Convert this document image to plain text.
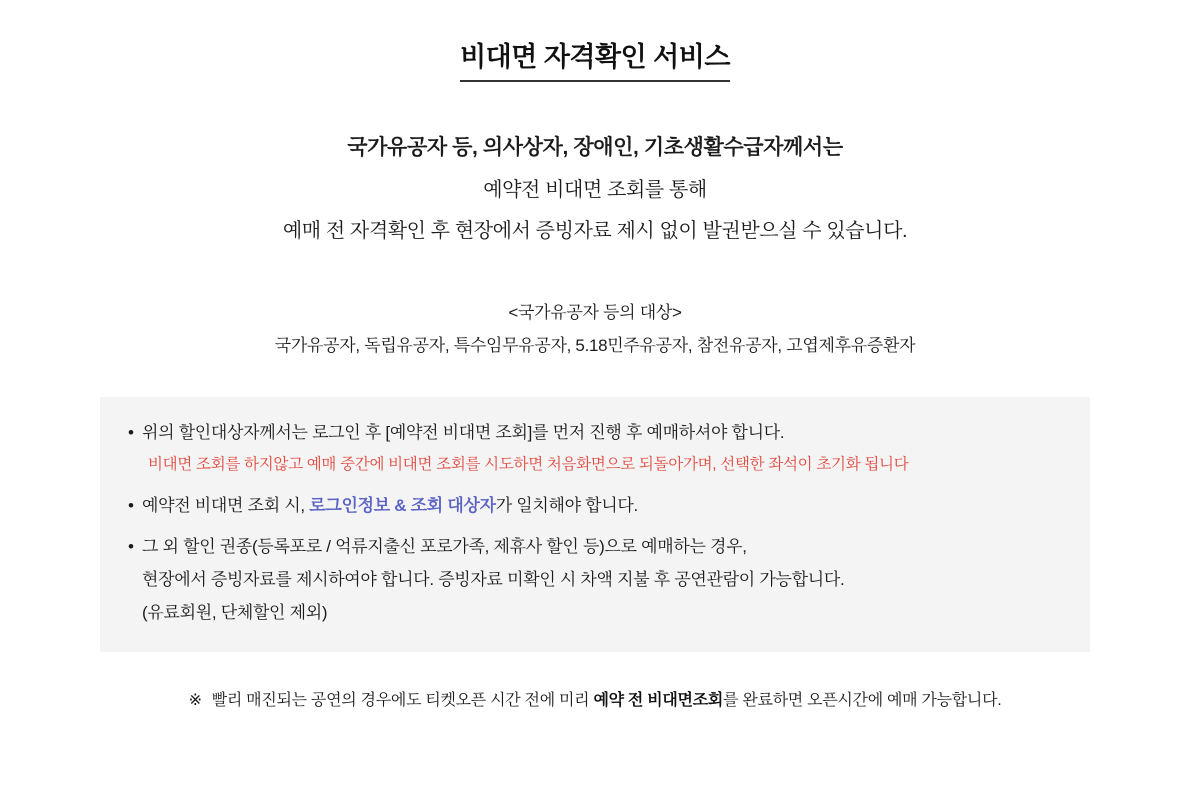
비대면 자격확인 서비스
국가유공자 등, 의사상자, 장애인, 기초생활수급자께서는
예약전 비대면 조회를 통해
예매 전 자격확인 후 현장에서 증빙자료 제시 없이 발권받으실 수 있습니다.
<국가유공자 등의 대상>
국가유공자, 독립유공자, 특수임무유공자, 5.18민주유공자, 참전유공자, 고엽제후유증환자
• 위의 할인대상자께서는 로그인 후 [예약전 비대면 조회]를 먼저 진행 후 예매하셔야 합니다.
비대면 조회를 하지않고 예매 중간에 비대면 조회를 시도하면 처음화면으로 되돌아가며, 선택한 좌석이 초기화 됩니다
• 예약전 비대면 조회 시, 로그인정보 & 조회 대상자가 일치해야 합니다.
• 그 외 할인 권종(등록포로 / 억류지출신 포로가족, 제휴사 할인 등)으로 예매하는 경우,
현장에서 증빙자료를 제시하여야 합니다. 증빙자료 미확인 시 차액 지불 후 공연관람이 가능합니다.
(유료회원, 단체할인 제외)
※ 빨리 매진되는 공연의 경우에도 티켓오픈 시간 전에 미리 예약 전 비대면조회를 완료하면 오픈시간에 예매 가능합니다.
